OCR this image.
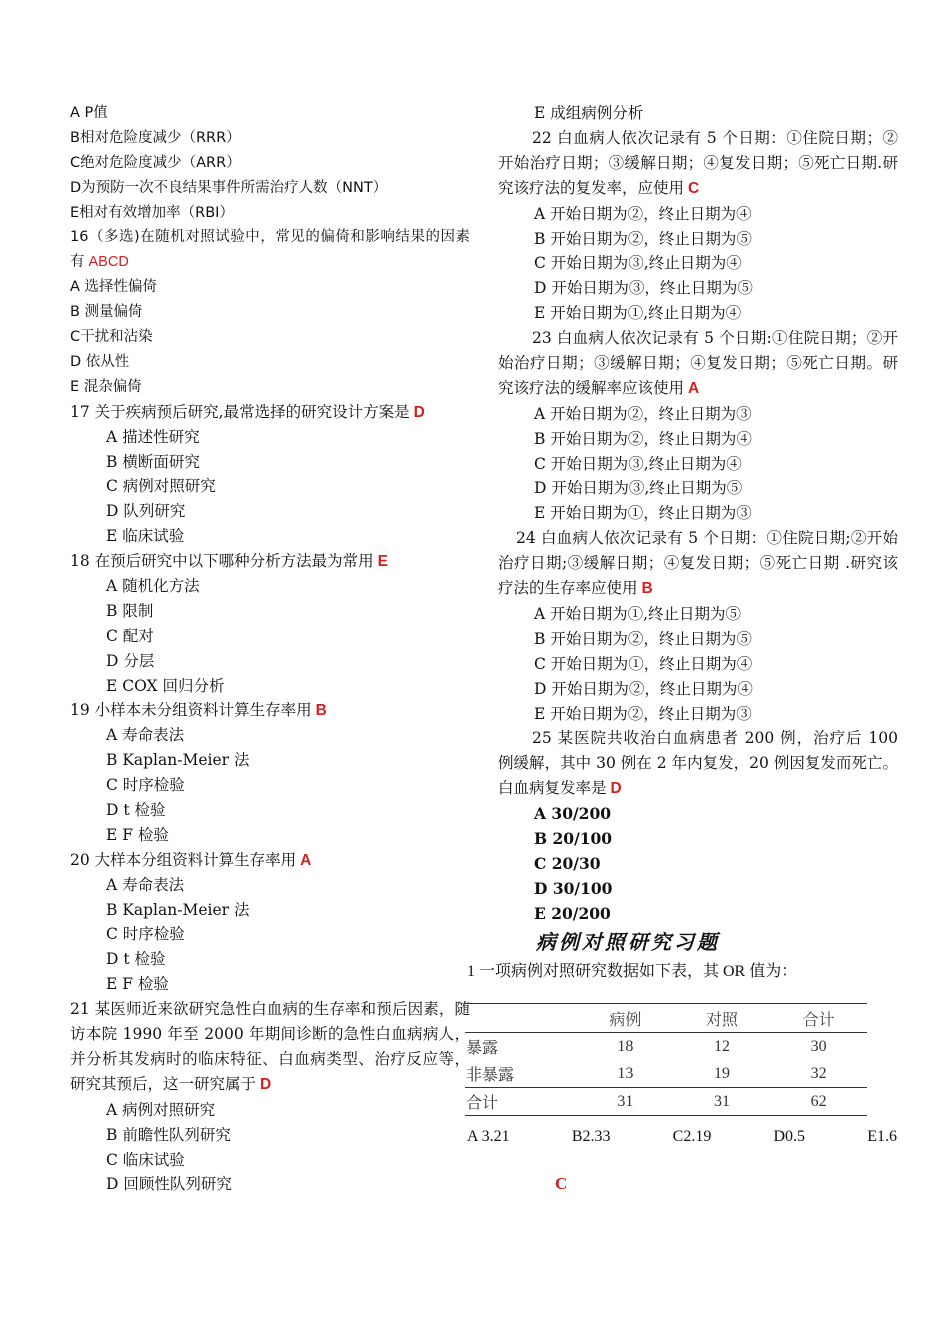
A P值
B相对危险度减少（RRR）
C绝对危险度减少（ARR）
D为预防一次不良结果事件所需治疗人数（NNT）
E相对有效增加率（RBI）
16（多选)在随机对照试验中，常见的偏倚和影响结果的因素有 ABCD
A 选择性偏倚
B 测量偏倚
C干扰和沾染
D 依从性
E 混杂偏倚
17 关于疾病预后研究,最常选择的研究设计方案是 D
A 描述性研究
B 横断面研究
C 病例对照研究
D 队列研究
E 临床试验
18 在预后研究中以下哪种分析方法最为常用 E
A 随机化方法
B 限制
C 配对
D 分层
E COX 回归分析
19 小样本未分组资料计算生存率用 B
A 寿命表法
B Kaplan-Meier 法
C 时序检验
D t 检验
E F 检验
20 大样本分组资料计算生存率用 A
A 寿命表法
B Kaplan-Meier 法
C 时序检验
D t 检验
E F 检验
21 某医师近来欲研究急性白血病的生存率和预后因素，随访本院 1990 年至 2000 年期间诊断的急性白血病病人，并分析其发病时的临床特征、白血病类型、治疗反应等，研究其预后，这一研究属于 D
A 病例对照研究
B 前瞻性队列研究
C 临床试验
D 回顾性队列研究
E 成组病例分析
22 白血病人依次记录有 5 个日期：①住院日期；②开始治疗日期；③缓解日期；④复发日期；⑤死亡日期.研究该疗法的复发率，应使用 C
A 开始日期为②，终止日期为④
B 开始日期为②，终止日期为⑤
C 开始日期为③,终止日期为④
D 开始日期为③，终止日期为⑤
E 开始日期为①,终止日期为④
23 白血病人依次记录有 5 个日期:①住院日期；②开始治疗日期；③缓解日期；④复发日期；⑤死亡日期。研究该疗法的缓解率应该使用 A
A 开始日期为②，终止日期为③
B 开始日期为②，终止日期为④
C 开始日期为③,终止日期为④
D 开始日期为③,终止日期为⑤
E 开始日期为①，终止日期为③
24 白血病人依次记录有 5 个日期：①住院日期;②开始治疗日期;③缓解日期；④复发日期；⑤死亡日期 .研究该疗法的生存率应使用 B
A 开始日期为①,终止日期为⑤
B 开始日期为②，终止日期为⑤
C 开始日期为①，终止日期为④
D 开始日期为②，终止日期为④
E 开始日期为②，终止日期为③
25 某医院共收治白血病患者 200 例，治疗后 100 例缓解，其中 30 例在 2 年内复发，20 例因复发而死亡。白血病复发率是 D
A 30/200
B 20/100
C 20/30
D 30/100
E 20/200
病例对照研究习题
1 一项病例对照研究数据如下表，其 OR 值为：
	病例	对照	合计
暴露	18	12	30
非暴露	13	19	32
合计	31	31	62
A 3.21	B2.33	C2.19	D0.5	E1.6
C
